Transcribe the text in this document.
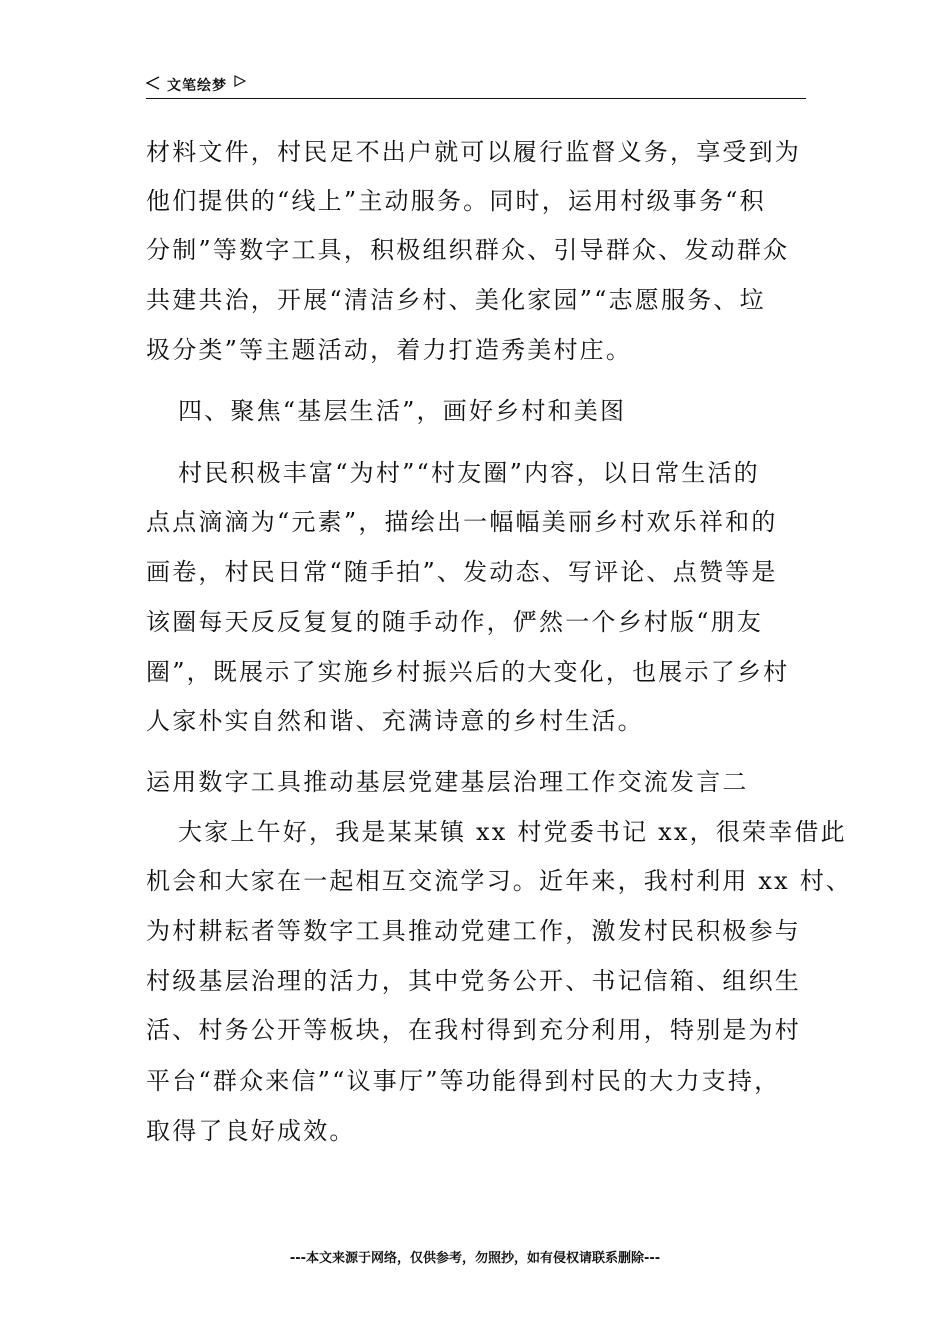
文笔绘梦
材料文件，村民足不出户就可以履行监督义务，享受到为
他们提供的“线上”主动服务。同时，运用村级事务“积
分制”等数字工具，积极组织群众、引导群众、发动群众
共建共治，开展“清洁乡村、美化家园”“志愿服务、垃
圾分类”等主题活动，着力打造秀美村庄。
四、聚焦“基层生活”，画好乡村和美图
村民积极丰富“为村”“村友圈”内容，以日常生活的
点点滴滴为“元素”，描绘出一幅幅美丽乡村欢乐祥和的
画卷，村民日常“随手拍”、发动态、写评论、点赞等是
该圈每天反反复复的随手动作，俨然一个乡村版“朋友
圈”，既展示了实施乡村振兴后的大变化，也展示了乡村
人家朴实自然和谐、充满诗意的乡村生活。
运用数字工具推动基层党建基层治理工作交流发言二
大家上午好，我是某某镇 xx 村党委书记 xx，很荣幸借此
机会和大家在一起相互交流学习。近年来，我村利用 xx 村、
为村耕耘者等数字工具推动党建工作，激发村民积极参与
村级基层治理的活力，其中党务公开、书记信箱、组织生
活、村务公开等板块，在我村得到充分利用，特别是为村
平台“群众来信”“议事厅”等功能得到村民的大力支持，
取得了良好成效。
---本文来源于网络，仅供参考，勿照抄，如有侵权请联系删除---
